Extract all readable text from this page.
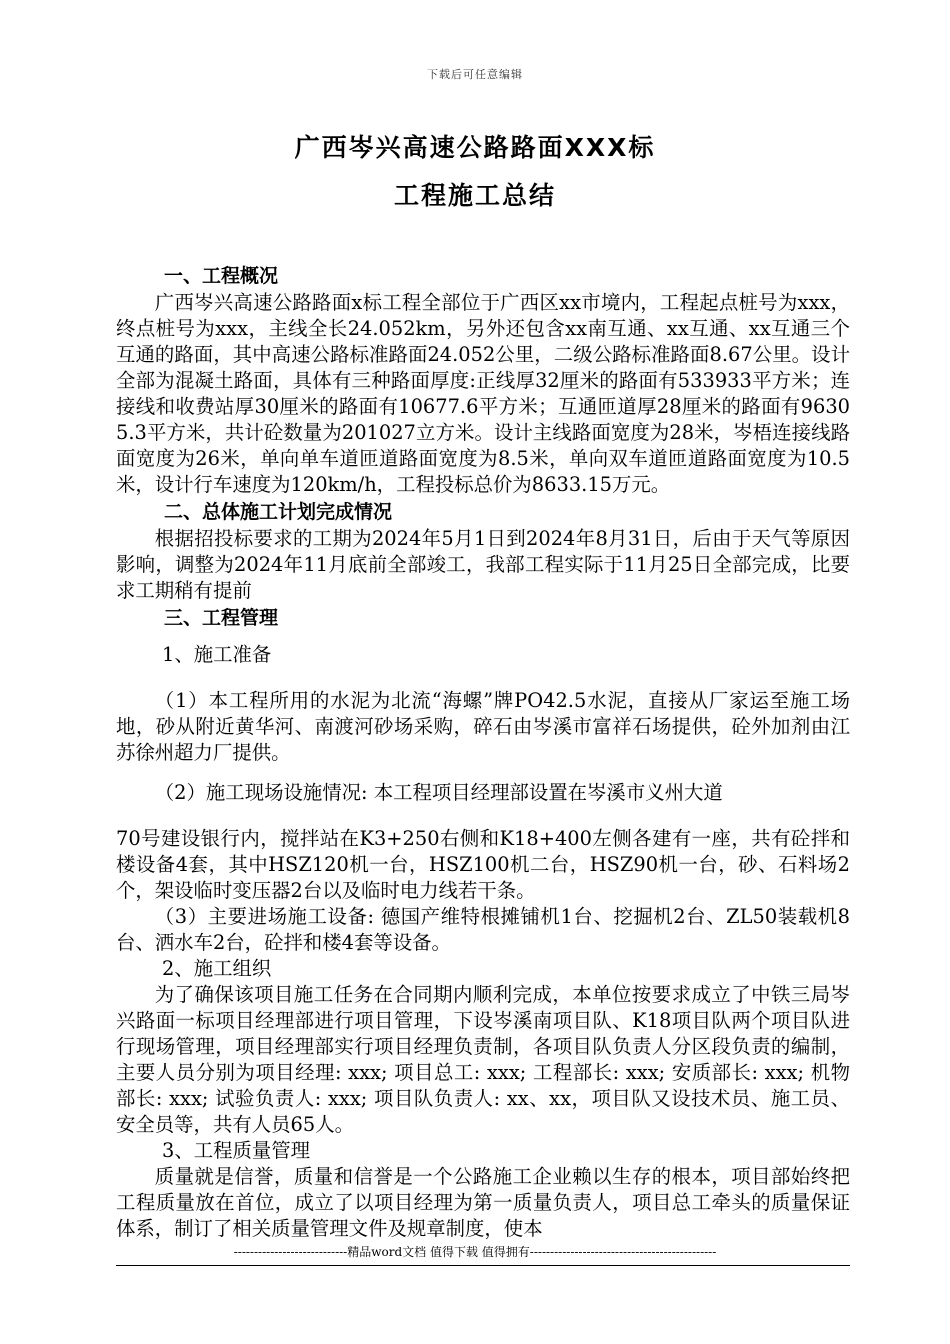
下载后可任意编辑
广西岑兴高速公路路面XXX标
工程施工总结

一、工程概况

广西岑兴高速公路路面x标工程全部位于广西区xx市境内，工程起点桩号为xxx，终点桩号为xxx，主线全长24.052km，另外还包含xx南互通、xx互通、xx互通三个互通的路面，其中高速公路标准路面24.052公里，二级公路标准路面8.67公里。设计全部为混凝土路面，具体有三种路面厚度:正线厚32厘米的路面有533933平方米；连接线和收费站厚30厘米的路面有10677.6平方米；互通匝道厚28厘米的路面有96305.3平方米，共计砼数量为201027立方米。设计主线路面宽度为28米，岑梧连接线路面宽度为26米，单向单车道匝道路面宽度为8.5米，单向双车道匝道路面宽度为10.5米，设计行车速度为120km/h，工程投标总价为8633.15万元。

二、总体施工计划完成情况

根据招投标要求的工期为2024年5月1日到2024年8月31日，后由于天气等原因影响，调整为2024年11月底前全部竣工，我部工程实际于11月25日全部完成，比要求工期稍有提前

三、工程管理

1、施工准备

（1）本工程所用的水泥为北流“海螺”牌PO42.5水泥，直接从厂家运至施工场地，砂从附近黄华河、南渡河砂场采购，碎石由岑溪市富祥石场提供，砼外加剂由江苏徐州超力厂提供。

（2）施工现场设施情况: 本工程项目经理部设置在岑溪市义州大道

70号建设银行内，搅拌站在K3+250右侧和K18+400左侧各建有一座，共有砼拌和楼设备4套，其中HSZ120机一台，HSZ100机二台，HSZ90机一台，砂、石料场2个，架设临时变压器2台以及临时电力线若干条。

（3）主要进场施工设备: 德国产维特根摊铺机1台、挖掘机2台、ZL50装载机8台、洒水车2台，砼拌和楼4套等设备。

2、施工组织

为了确保该项目施工任务在合同期内顺利完成，本单位按要求成立了中铁三局岑兴路面一标项目经理部进行项目管理，下设岑溪南项目队、K18项目队两个项目队进行现场管理，项目经理部实行项目经理负责制，各项目队负责人分区段负责的编制，主要人员分别为项目经理: xxx; 项目总工: xxx; 工程部长: xxx; 安质部长: xxx; 机物部长: xxx; 试验负责人: xxx; 项目队负责人: xx、xx，项目队又设技术员、施工员、安全员等，共有人员65人。

3、工程质量管理

质量就是信誉，质量和信誉是一个公路施工企业赖以生存的根本，项目部始终把工程质量放在首位，成立了以项目经理为第一质量负责人，项目总工牵头的质量保证体系，制订了相关质量管理文件及规章制度，使本

----------------------------精品word文档 值得下载 值得拥有----------------------------------------------
